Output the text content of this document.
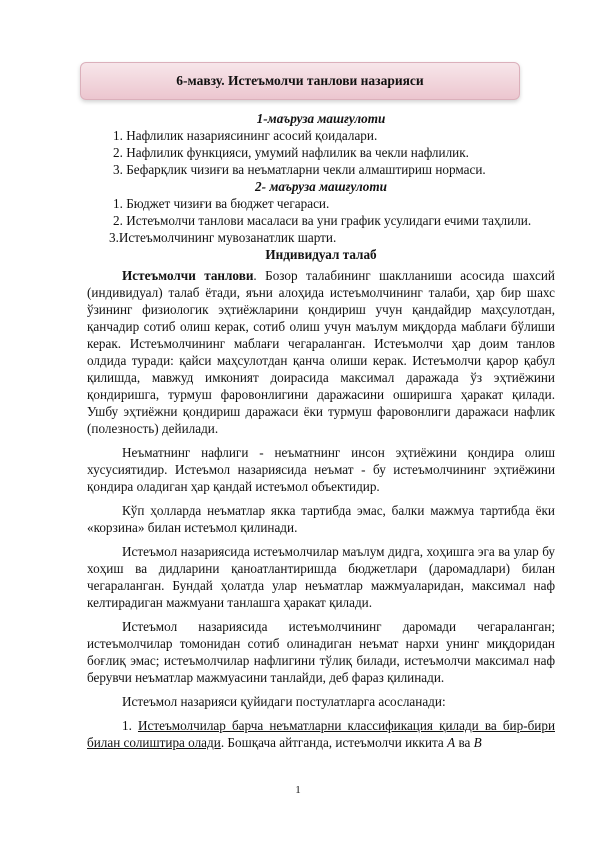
6-мавзу. Истеъмолчи танлови назарияси
1-маъруза машғулоти
1. Нафлилик назариясининг асосий қоидалари.
2. Нафлилик функцияси, умумий нафлилик ва чекли нафлилик.
3. Бефарқлик чизиғи ва неъматларни чекли алмаштириш нормаси.
2- маъруза машғулоти
1. Бюджет чизиғи ва бюджет чегараси.
2. Истеъмолчи танлови масаласи ва уни график усулидаги ечими таҳлили.
3.Истеъмолчининг мувозанатлик шарти.
Индивидуал талаб
Истеъмолчи танлови. Бозор талабининг шаклланиши асосида шахсий (индивидуал) талаб ётади, яъни алоҳида истеъмолчининг талаби, ҳар бир шахс ўзининг физиологик эҳтиёжларини қондириш учун қандайдир маҳсулотдан, қанчадир сотиб олиш керак, сотиб олиш учун маълум миқдорда маблағи бўлиши керак. Истеъмолчининг маблағи чегараланган. Истеъмолчи ҳар доим танлов олдида туради: қайси маҳсулотдан қанча олиши керак. Истеъмолчи қарор қабул қилишда, мавжуд имконият доирасида максимал даражада ўз эҳтиёжини қондиришга, турмуш фаровонлигини даражасини оширишга ҳаракат қилади. Ушбу эҳтиёжни қондириш даражаси ёки турмуш фаровонлиги даражаси нафлик (полезность) дейилади.
Неъматнинг нафлиги - неъматнинг инсон эҳтиёжини қондира олиш хусусиятидир. Истеъмол назариясида неъмат - бу истеъмолчининг эҳтиёжини қондира оладиган ҳар қандай истеъмол объектидир.
Кўп ҳолларда неъматлар якка тартибда эмас, балки мажмуа тартибда ёки «корзина» билан истеъмол қилинади.
Истеъмол назариясида истеъмолчилар маълум дидга, хоҳишга эга ва улар бу хоҳиш ва дидларини қаноатлантиришда бюджетлари (даромадлари) билан чегараланган. Бундай ҳолатда улар неъматлар мажмуаларидан, максимал наф келтирадиган мажмуани танлашга ҳаракат қилади.
Истеъмол назариясида истеъмолчининг даромади чегараланган; истеъмолчилар томонидан сотиб олинадиган неъмат нархи унинг миқдоридан боғлиқ эмас; истеъмолчилар нафлигини тўлиқ билади, истеъмолчи максимал наф берувчи неъматлар мажмуасини танлайди, деб фараз қилинади.
Истеъмол назарияси қуйидаги постулатларга асосланади:
1. Истеъмолчилар барча неъматларни классификация қилади ва бир-бири билан солиштира олади. Бошқача айтганда, истеъмолчи иккита A ва B
1
